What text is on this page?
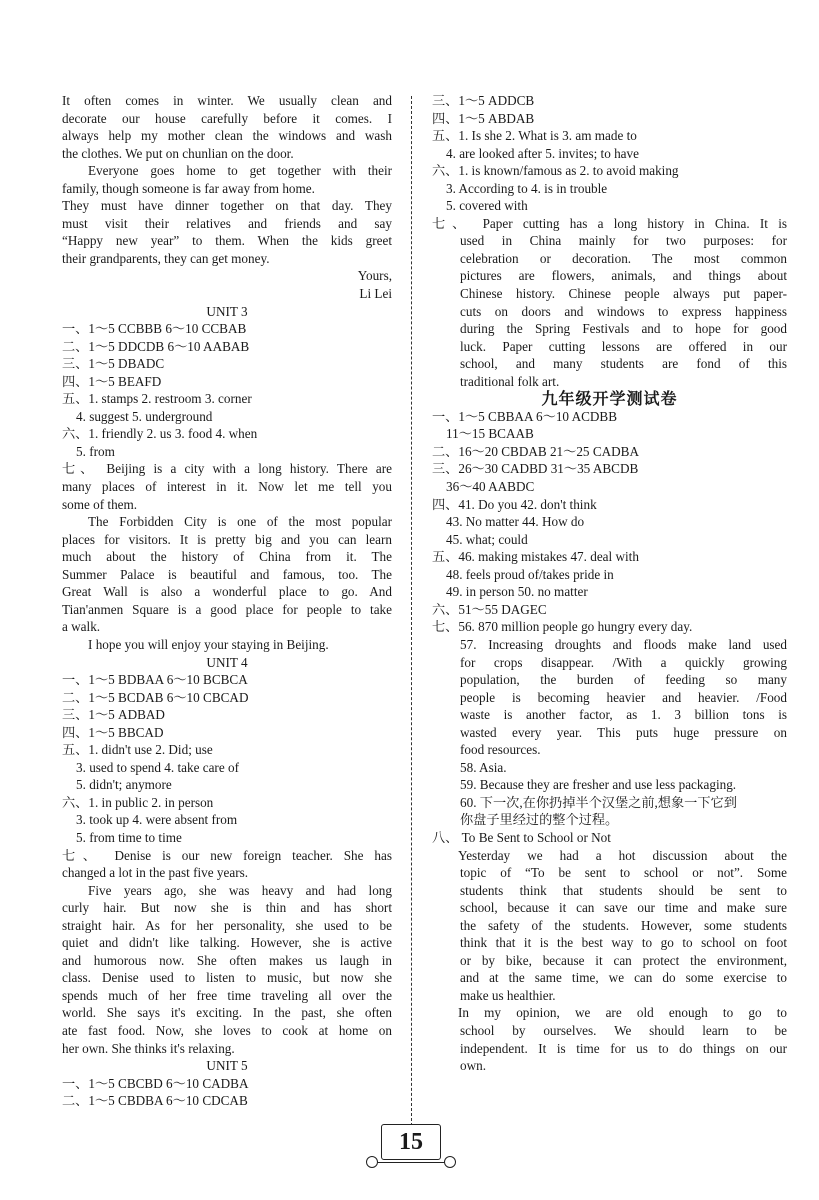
It often comes in winter. We usually clean and
decorate our house carefully before it comes. I
always help my mother clean the windows and wash
the clothes. We put on chunlian on the door.
Everyone goes home to get together with their
family, though someone is far away from home.
They must have dinner together on that day. They
must visit their relatives and friends and say
“Happy new year” to them. When the kids greet
their grandparents, they can get money.
Yours,
Li Lei
UNIT 3
一、1～5 CCBBB 6～10 CCBAB
二、1～5 DDCDB 6～10 AABAB
三、1～5 DBADC
四、1～5 BEAFD
五、1. stamps 2. restroom 3. corner
4. suggest 5. underground
六、1. friendly 2. us 3. food 4. when
5. from
七、 Beijing is a city with a long history. There are
many places of interest in it. Now let me tell you
some of them.
The Forbidden City is one of the most popular
places for visitors. It is pretty big and you can learn
much about the history of China from it. The
Summer Palace is beautiful and famous, too. The
Great Wall is also a wonderful place to go. And
Tian'anmen Square is a good place for people to take
a walk.
I hope you will enjoy your staying in Beijing.
UNIT 4
一、1～5 BDBAA 6～10 BCBCA
二、1～5 BCDAB 6～10 CBCAD
三、1～5 ADBAD
四、1～5 BBCAD
五、1. didn't use 2. Did; use
3. used to spend 4. take care of
5. didn't; anymore
六、1. in public 2. in person
3. took up 4. were absent from
5. from time to time
七、 Denise is our new foreign teacher. She has
changed a lot in the past five years.
Five years ago, she was heavy and had long
curly hair. But now she is thin and has short
straight hair. As for her personality, she used to be
quiet and didn't like talking. However, she is active
and humorous now. She often makes us laugh in
class. Denise used to listen to music, but now she
spends much of her free time traveling all over the
world. She says it's exciting. In the past, she often
ate fast food. Now, she loves to cook at home on
her own. She thinks it's relaxing.
UNIT 5
一、1～5 CBCBD 6～10 CADBA
二、1～5 CBDBA 6～10 CDCAB
三、1～5 ADDCB
四、1～5 ABDAB
五、1. Is she 2. What is 3. am made to
4. are looked after 5. invites; to have
六、1. is known/famous as 2. to avoid making
3. According to 4. is in trouble
5. covered with
七、 Paper cutting has a long history in China. It is
used in China mainly for two purposes: for
celebration or decoration. The most common
pictures are flowers, animals, and things about
Chinese history. Chinese people always put paper-
cuts on doors and windows to express happiness
during the Spring Festivals and to hope for good
luck. Paper cutting lessons are offered in our
school, and many students are fond of this
traditional folk art.
九年级开学测试卷
一、1～5 CBBAA 6～10 ACDBB
11～15 BCAAB
二、16～20 CBDAB 21～25 CADBA
三、26～30 CADBD 31～35 ABCDB
36～40 AABDC
四、41. Do you 42. don't think
43. No matter 44. How do
45. what; could
五、46. making mistakes 47. deal with
48. feels proud of/takes pride in
49. in person 50. no matter
六、51～55 DAGEC
七、56. 870 million people go hungry every day.
57. Increasing droughts and floods make land used
for crops disappear. /With a quickly growing
population, the burden of feeding so many
people is becoming heavier and heavier. /Food
waste is another factor, as 1. 3 billion tons is
wasted every year. This puts huge pressure on
food resources.
58. Asia.
59. Because they are fresher and use less packaging.
60. 下一次,在你扔掉半个汉堡之前,想象一下它到
你盘子里经过的整个过程。
八、 To Be Sent to School or Not
Yesterday we had a hot discussion about the
topic of “To be sent to school or not”. Some
students think that students should be sent to
school, because it can save our time and make sure
the safety of the students. However, some students
think that it is the best way to go to school on foot
or by bike, because it can protect the environment,
and at the same time, we can do some exercise to
make us healthier.
In my opinion, we are old enough to go to
school by ourselves. We should learn to be
independent. It is time for us to do things on our
own.
15
